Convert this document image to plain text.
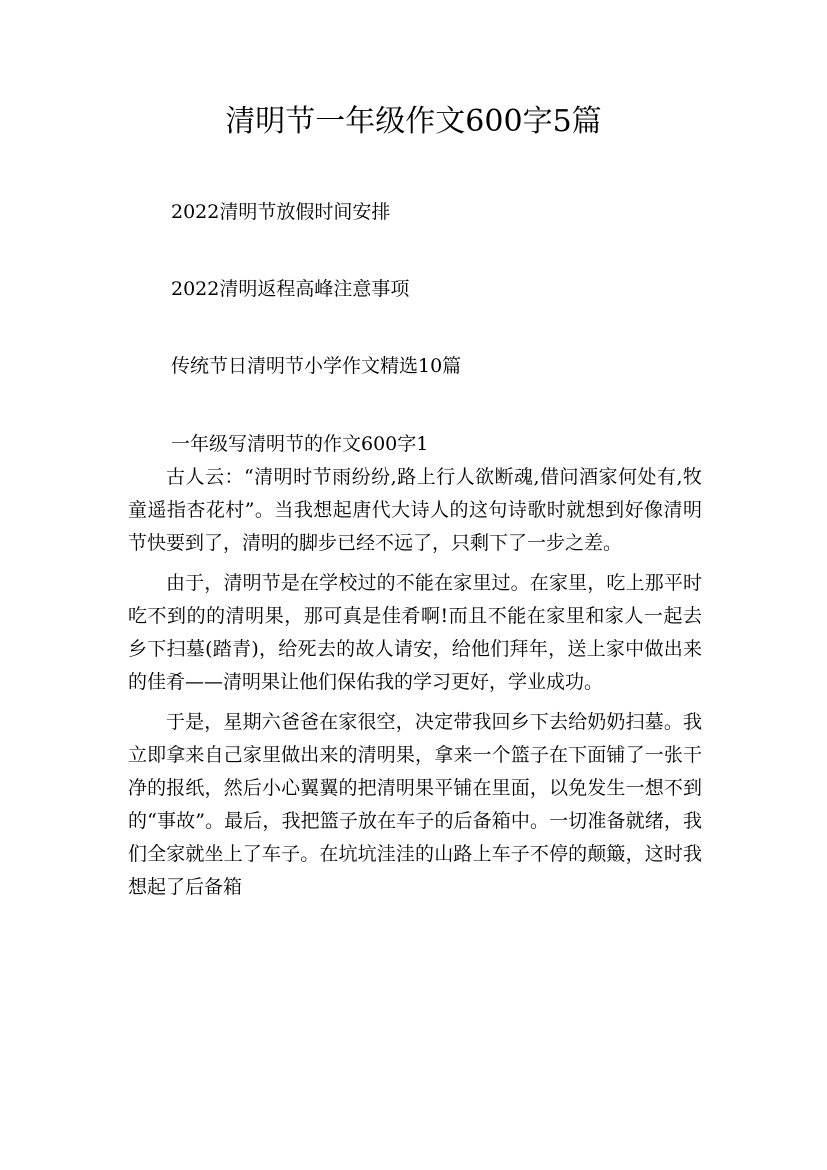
清明节一年级作文600字5篇
2022清明节放假时间安排
2022清明返程高峰注意事项
传统节日清明节小学作文精选10篇
一年级写清明节的作文600字1

古人云：“清明时节雨纷纷,路上行人欲断魂,借问酒家何处有,牧童遥指杏花村”。当我想起唐代大诗人的这句诗歌时就想到好像清明节快要到了，清明的脚步已经不远了，只剩下了一步之差。

由于，清明节是在学校过的不能在家里过。在家里，吃上那平时吃不到的的清明果，那可真是佳肴啊!而且不能在家里和家人一起去乡下扫墓(踏青)，给死去的故人请安，给他们拜年，送上家中做出来的佳肴——清明果让他们保佑我的学习更好，学业成功。

于是，星期六爸爸在家很空，决定带我回乡下去给奶奶扫墓。我立即拿来自己家里做出来的清明果，拿来一个篮子在下面铺了一张干净的报纸，然后小心翼翼的把清明果平铺在里面，以免发生一想不到的“事故”。最后，我把篮子放在车子的后备箱中。一切准备就绪，我们全家就坐上了车子。在坑坑洼洼的山路上车子不停的颠簸，这时我想起了后备箱
